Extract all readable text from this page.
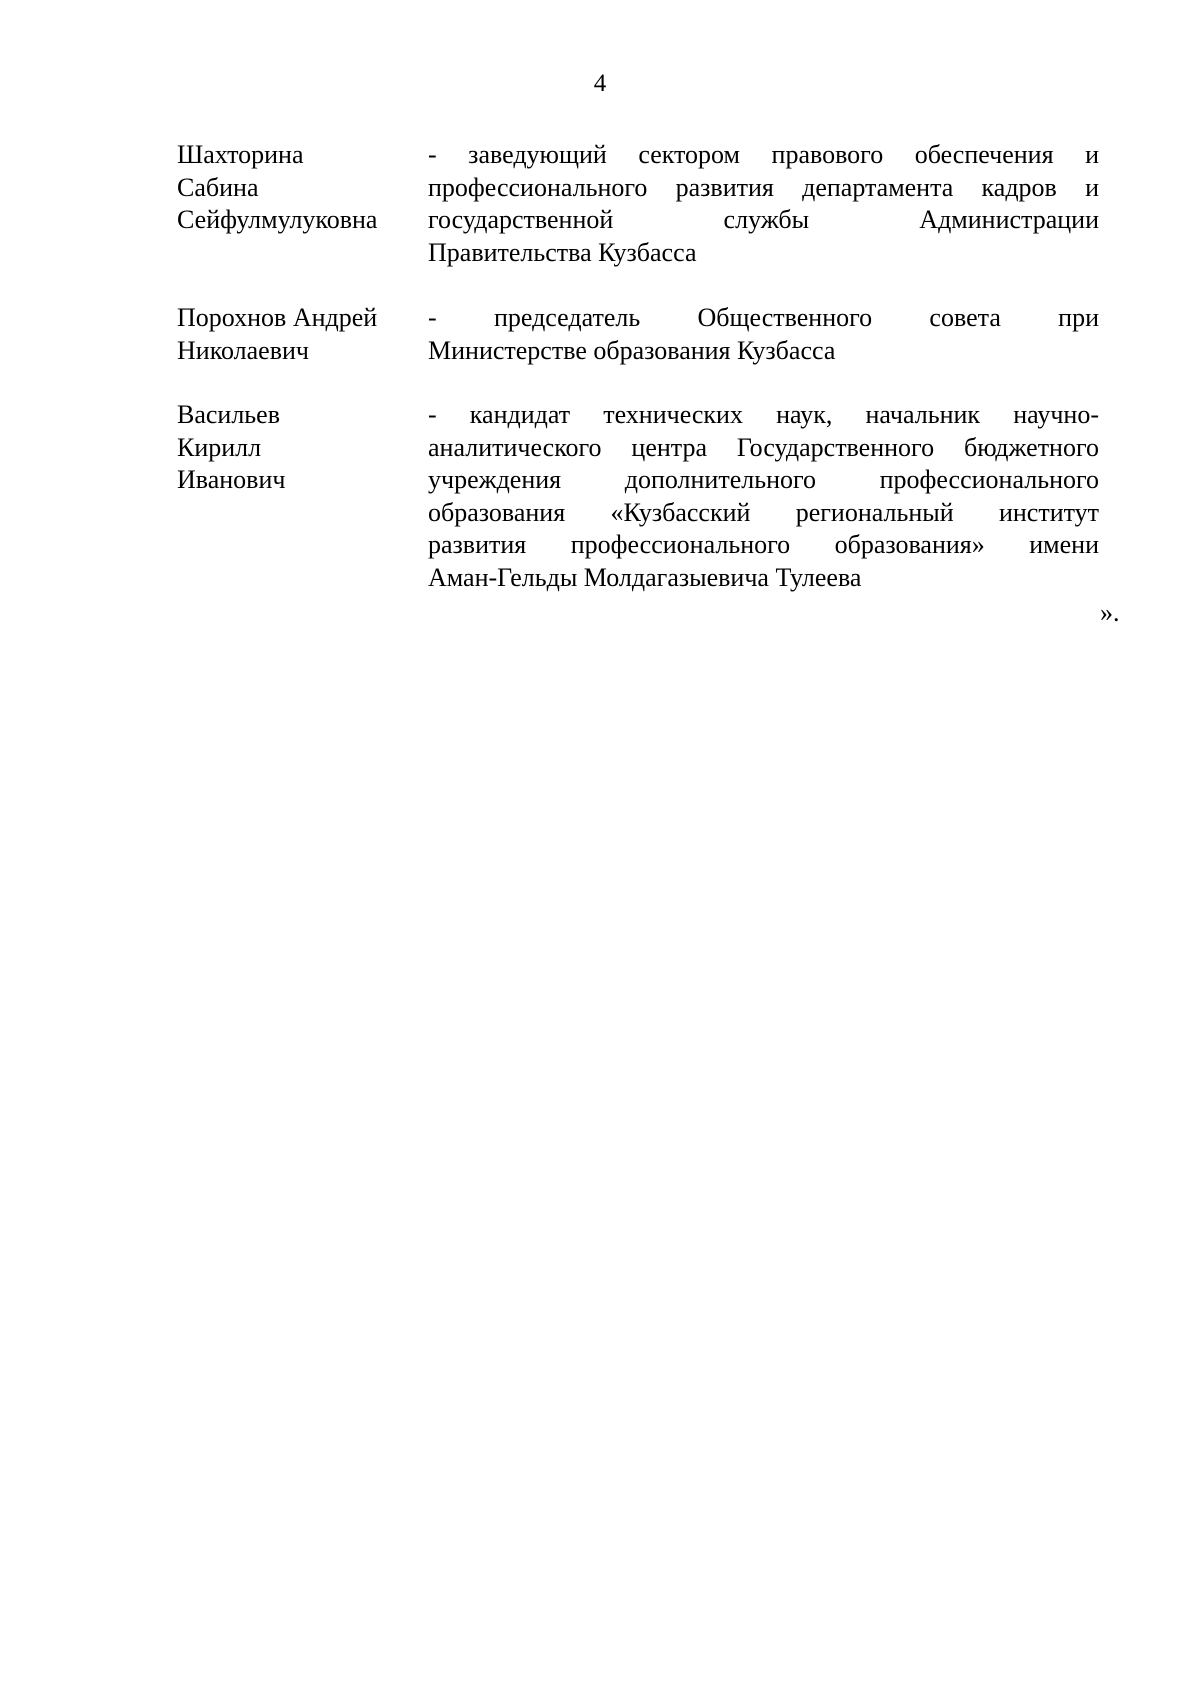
4
Шахторина
Сабина
Сейфулмулуковна
- заведующий сектором правового обеспечения и
профессионального развития департамента кадров и
государственной службы Администрации
Правительства Кузбасса
Порохнов Андрей
Николаевич
- председатель Общественного совета при
Министерстве образования Кузбасса
Васильев
Кирилл
Иванович
- кандидат технических наук, начальник научно-
аналитического центра Государственного бюджетного
учреждения дополнительного профессионального
образования «Кузбасский региональный институт
развития профессионального образования» имени
Аман-Гельды Молдагазыевича Тулеева
».
